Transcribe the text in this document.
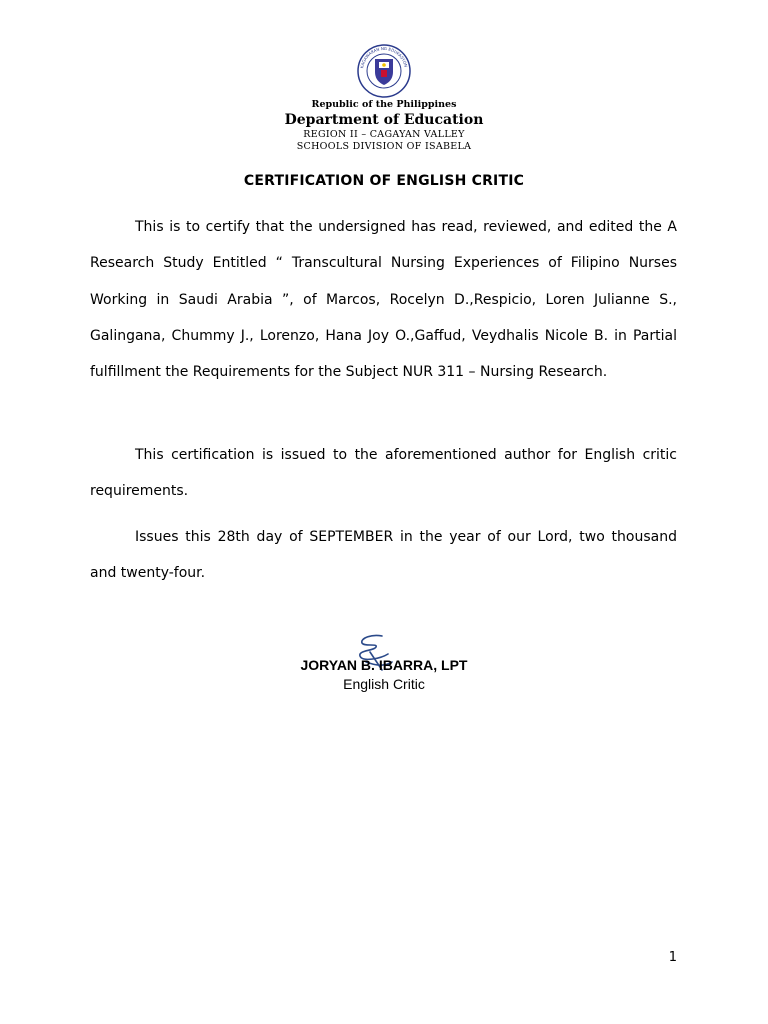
KAGAWARAN NG EDUKASYON
Republic of the Philippines
Department of Education
REGION II – CAGAYAN VALLEY
SCHOOLS DIVISION OF ISABELA
CERTIFICATION OF ENGLISH CRITIC

This is to certify that the undersigned has read, reviewed, and edited the A Research Study Entitled “ Transcultural Nursing Experiences of Filipino Nurses Working in Saudi Arabia ”, of Marcos, Rocelyn D.,Respicio, Loren Julianne S., Galingana, Chummy J., Lorenzo, Hana Joy O.,Gaffud, Veydhalis Nicole B. in Partial fulfillment the Requirements for the Subject NUR 311 – Nursing Research.

This certification is issued to the aforementioned author for English critic requirements.

Issues this 28th day of SEPTEMBER in the year of our Lord, two thousand and twenty-four.

JORYAN B. IBARRA, LPT
English Critic
1
